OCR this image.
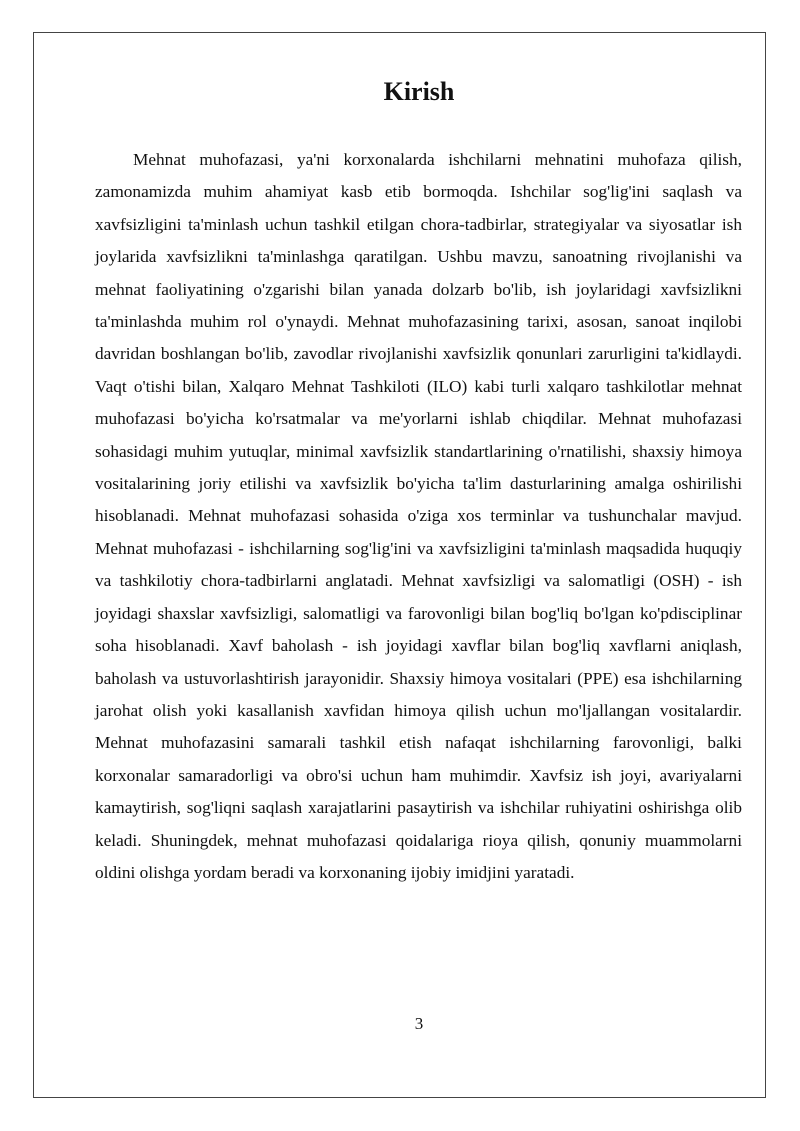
Kirish

Mehnat muhofazasi, ya'ni korxonalarda ishchilarni mehnatini muhofaza qilish, zamonamizda muhim ahamiyat kasb etib bormoqda. Ishchilar sog'lig'ini saqlash va xavfsizligini ta'minlash uchun tashkil etilgan chora-tadbirlar, strategiyalar va siyosatlar ish joylarida xavfsizlikni ta'minlashga qaratilgan. Ushbu mavzu, sanoatning rivojlanishi va mehnat faoliyatining o'zgarishi bilan yanada dolzarb bo'lib, ish joylaridagi xavfsizlikni ta'minlashda muhim rol o'ynaydi. Mehnat muhofazasining tarixi, asosan, sanoat inqilobi davridan boshlangan bo'lib, zavodlar rivojlanishi xavfsizlik qonunlari zarurligini ta'kidlaydi. Vaqt o'tishi bilan, Xalqaro Mehnat Tashkiloti (ILO) kabi turli xalqaro tashkilotlar mehnat muhofazasi bo'yicha ko'rsatmalar va me'yorlarni ishlab chiqdilar. Mehnat muhofazasi sohasidagi muhim yutuqlar, minimal xavfsizlik standartlarining o'rnatilishi, shaxsiy himoya vositalarining joriy etilishi va xavfsizlik bo'yicha ta'lim dasturlarining amalga oshirilishi hisoblanadi. Mehnat muhofazasi sohasida o'ziga xos terminlar va tushunchalar mavjud. Mehnat muhofazasi - ishchilarning sog'lig'ini va xavfsizligini ta'minlash maqsadida huquqiy va tashkilotiy chora-tadbirlarni anglatadi. Mehnat xavfsizligi va salomatligi (OSH) - ish joyidagi shaxslar xavfsizligi, salomatligi va farovonligi bilan bog'liq bo'lgan ko'pdisciplinar soha hisoblanadi. Xavf baholash - ish joyidagi xavflar bilan bog'liq xavflarni aniqlash, baholash va ustuvorlashtirish jarayonidir. Shaxsiy himoya vositalari (PPE) esa ishchilarning jarohat olish yoki kasallanish xavfidan himoya qilish uchun mo'ljallangan vositalardir. Mehnat muhofazasini samarali tashkil etish nafaqat ishchilarning farovonligi, balki korxonalar samaradorligi va obro'si uchun ham muhimdir. Xavfsiz ish joyi, avariyalarni kamaytirish, sog'liqni saqlash xarajatlarini pasaytirish va ishchilar ruhiyatini oshirishga olib keladi. Shuningdek, mehnat muhofazasi qoidalariga rioya qilish, qonuniy muammolarni oldini olishga yordam beradi va korxonaning ijobiy imidjini yaratadi.

3
